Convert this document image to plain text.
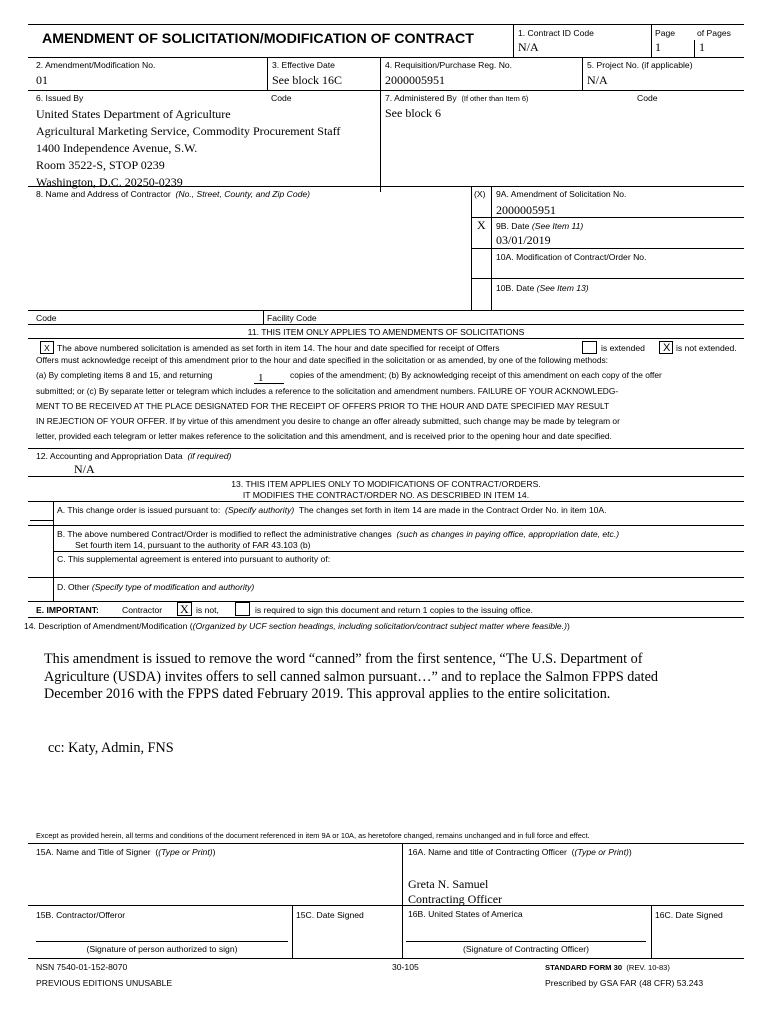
AMENDMENT OF SOLICITATION/MODIFICATION OF CONTRACT	1. Contract ID Code
N/A
Page
1
of Pages
1
2. Amendment/Modification No.
01
3. Effective Date
See block 16C
4. Requisition/Purchase Reg. No.
2000005951
5. Project No. (if applicable)
N/A
6. Issued By	Code
United States Department of Agriculture
Agricultural Marketing Service, Commodity Procurement Staff
1400 Independence Avenue, S.W.
Room 3522-S, STOP 0239
Washington, D.C. 20250-0239
7. Administered By (If other than Item 6)	Code
See block 6
8. Name and Address of Contractor (No., Street, County, and Zip Code)	(X) 9A. Amendment of Solicitation No.
2000005951
X 9B. Date (See Item 11)
03/01/2019
10A. Modification of Contract/Order No.
10B. Date (See Item 13)
Code	Facility Code
11. THIS ITEM ONLY APPLIES TO AMENDMENTS OF SOLICITATIONS
X The above numbered solicitation is amended as set forth in item 14. The hour and date specified for receipt of Offers	is extended X is not extended.
Offers must acknowledge receipt of this amendment prior to the hour and date specified in the solicitation or as amended, by one of the following methods:
(a) By completing items 8 and 15, and returning	1	copies of the amendment; (b) By acknowledging receipt of this amendment on each copy of the offer
submitted; or (c) By separate letter or telegram which includes a reference to the solicitation and amendment numbers. FAILURE OF YOUR ACKNOWLEDG-
MENT TO BE RECEIVED AT THE PLACE DESIGNATED FOR THE RECEIPT OF OFFERS PRIOR TO THE HOUR AND DATE SPECIFIED MAY RESULT
IN REJECTION OF YOUR OFFER. If by virtue of this amendment you desire to change an offer already submitted, such change may be made by telegram or
letter, provided each telegram or letter makes reference to the solicitation and this amendment, and is received prior to the opening hour and date specified.
12. Accounting and Appropriation Data (if required)
N/A
13. THIS ITEM APPLIES ONLY TO MODIFICATIONS OF CONTRACT/ORDERS.
IT MODIFIES THE CONTRACT/ORDER NO. AS DESCRIBED IN ITEM 14.
A. This change order is issued pursuant to: (Specify authority) The changes set forth in item 14 are made in the Contract Order No. in item 10A.
B. The above numbered Contract/Order is modified to reflect the administrative changes (such as changes in paying office, appropriation date, etc.)
Set fourth item 14, pursuant to the authority of FAR 43.103 (b)
C. This supplemental agreement is entered into pursuant to authority of:
D. Other (Specify type of modification and authority)
E. IMPORTANT:	Contractor X is not,	is required to sign this document and return 1 copies to the issuing office.
14. Description of Amendment/Modification ((Organized by UCF section headings, including solicitation/contract subject matter where feasible.))
This amendment is issued to remove the word “canned” from the first sentence, “The U.S. Department of
Agriculture (USDA) invites offers to sell canned salmon pursuant…” and to replace the Salmon FPPS dated
December 2016 with the FPPS dated February 2019. This approval applies to the entire solicitation.
cc: Katy, Admin, FNS
Except as provided herein, all terms and conditions of the document referenced in item 9A or 10A, as heretofore changed, remains unchanged and in full force and effect.
15A. Name and Title of Signer  ((Type or Print))	16A. Name and title of Contracting Officer  ((Type or Print))
Greta N. Samuel
Contracting Officer
15B. Contractor/Offeror	15C. Date Signed	16B. United States of America	16C. Date Signed
(Signature of person authorized to sign)	(Signature of Contracting Officer)
NSN 7540-01-152-8070	30-105	STANDARD FORM 30 (REV. 10-83)
PREVIOUS EDITIONS UNUSABLE	Prescribed by GSA FAR (48 CFR) 53.243
